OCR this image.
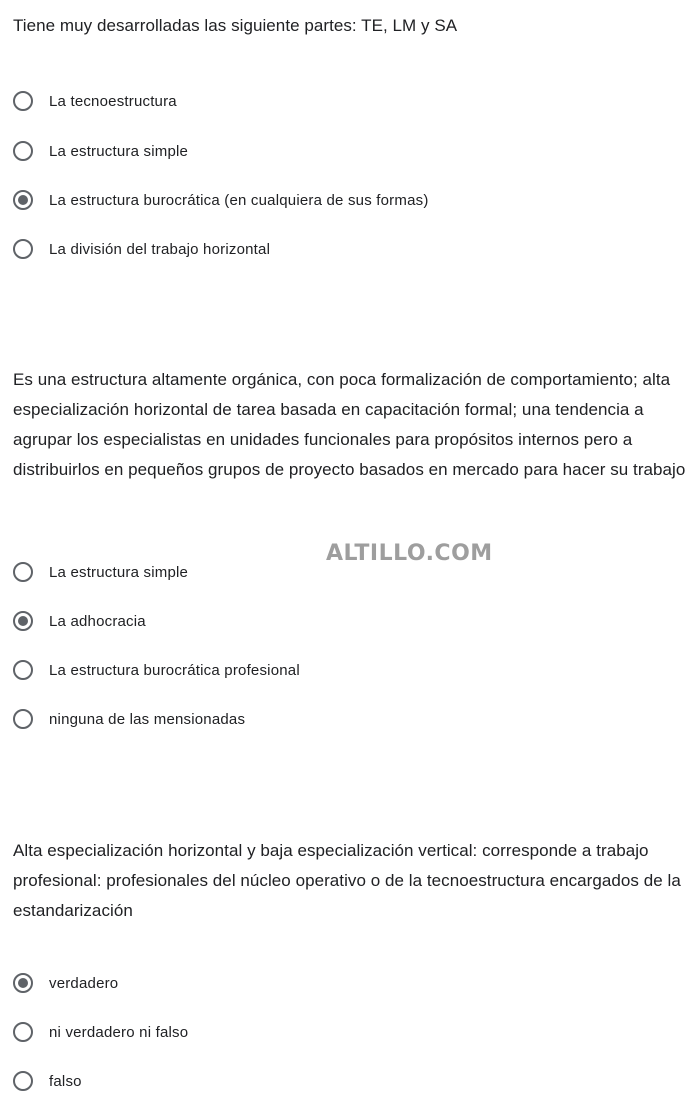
Tiene muy desarrolladas las siguiente partes: TE, LM y SA

La tecnoestructura
La estructura simple
La estructura burocrática (en cualquiera de sus formas)
La división del trabajo horizontal

Es una estructura altamente orgánica, con poca formalización de comportamiento; alta especialización horizontal de tarea basada en capacitación formal; una tendencia a agrupar los especialistas en unidades funcionales para propósitos internos pero a distribuirlos en pequeños grupos de proyecto basados en mercado para hacer su trabajo

ALTILLO.COM
La estructura simple
La adhocracia
La estructura burocrática profesional
ninguna de las mensionadas

Alta especialización horizontal y baja especialización vertical: corresponde a trabajo profesional: profesionales del núcleo operativo o de la tecnoestructura encargados de la estandarización

verdadero
ni verdadero ni falso
falso
